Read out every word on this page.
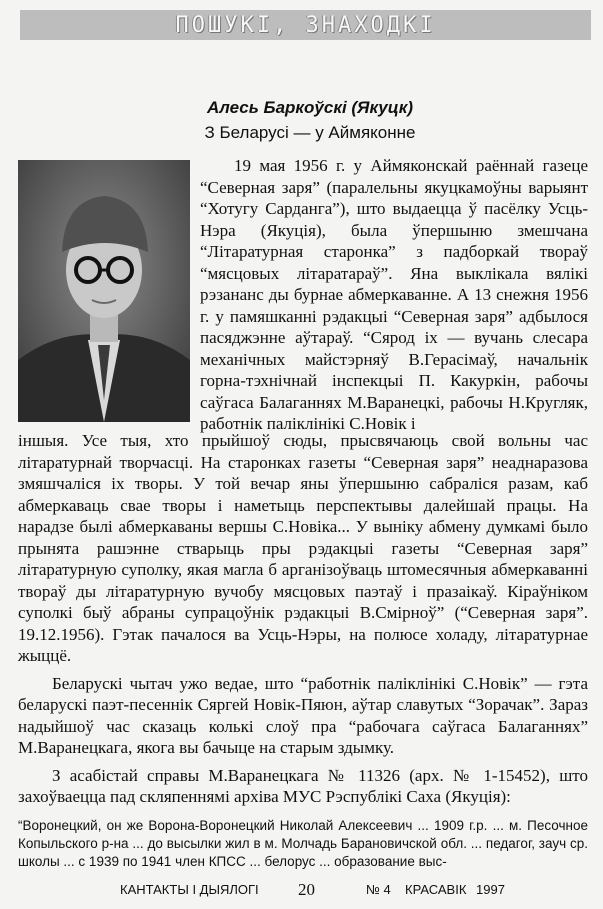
ПОШУКІ, ЗНАХОДКІ
Алесь Баркоўскі (Якуцк)
З Беларусі — у Аймяконне

19 мая 1956 г. у Аймяконскай раённай газеце “Северная заря” (паралельны якуцкамоўны варыянт “Хотугу Сарданга”), што выдаецца ў пасёлку Усць-Нэра (Якуція), была ўпершыню змешчана “Літаратурная старонка” з падборкай твораў “мясцовых літаратараў”. Яна выклікала вялікі рэзананс ды бурнае абмеркаванне. А 13 снежня 1956 г. у памяшканні рэдакцыі “Северная заря” адбылося пасяджэнне аўтараў. “Сярод іх — вучань слесара механічных майстэрняў В.Герасімаў, начальнік горна-тэхнічнай інспекцыі П. Какуркін, рабочы саўгаса Балаганнях М.Варанецкі, рабочы Н.Кругляк, работнік паліклінікі С.Новік і

іншыя. Усе тыя, хто прыйшоў сюды, прысвячаюць свой вольны час літаратурнай творчасці. На старонках газеты “Северная заря” неаднаразова змяшчаліся іх творы. У той вечар яны ўпершыню сабраліся разам, каб абмеркаваць свае творы і наметыць перспектывы далейшай працы. На нарадзе былі абмеркаваны вершы С.Новіка... У выніку абмену думкамі было прынята рашэнне стварыць пры рэдакцыі газеты “Северная заря” літаратурную суполку, якая магла б арганізоўваць штомесячныя абмеркаванні твораў ды літаратурную вучобу мясцовых паэтаў і празаікаў. Кіраўніком суполкі быў абраны супрацоўнік рэдакцыі В.Смірноў” (“Северная заря”. 19.12.1956). Гэтак пачалося ва Усць-Нэры, на полюсе холаду, літаратурнае жыццё.

Беларускі чытач ужо ведае, што “работнік паліклінікі С.Новік” — гэта беларускі паэт-песеннік Сяргей Новік-Пяюн, аўтар славутых “Зорачак”. Зараз надыйшоў час сказаць колькі слоў пра “рабочага саўгаса Балаганнях” М.Варанецкага, якога вы бачыце на старым здымку.

З асабістай справы М.Варанецкага № 11326 (арх. № 1-15452), што захоўваецца пад скляпеннямі архіва МУС Рэспублікі Саха (Якуція):

“Воронецкий, он же Ворона-Воронецкий Николай Алексеевич ... 1909 г.р. ... м. Песочное Копыльского р-на ... до высылки жил в м. Молчадь Барановичской обл. ... педагог, зауч ср. школы ... с 1939 по 1941 член КПСС ... белорус ... образование выс-
КАНТАКТЫ І ДЫЯЛОГІ 20	№ 4 КРАСАВІК 1997
